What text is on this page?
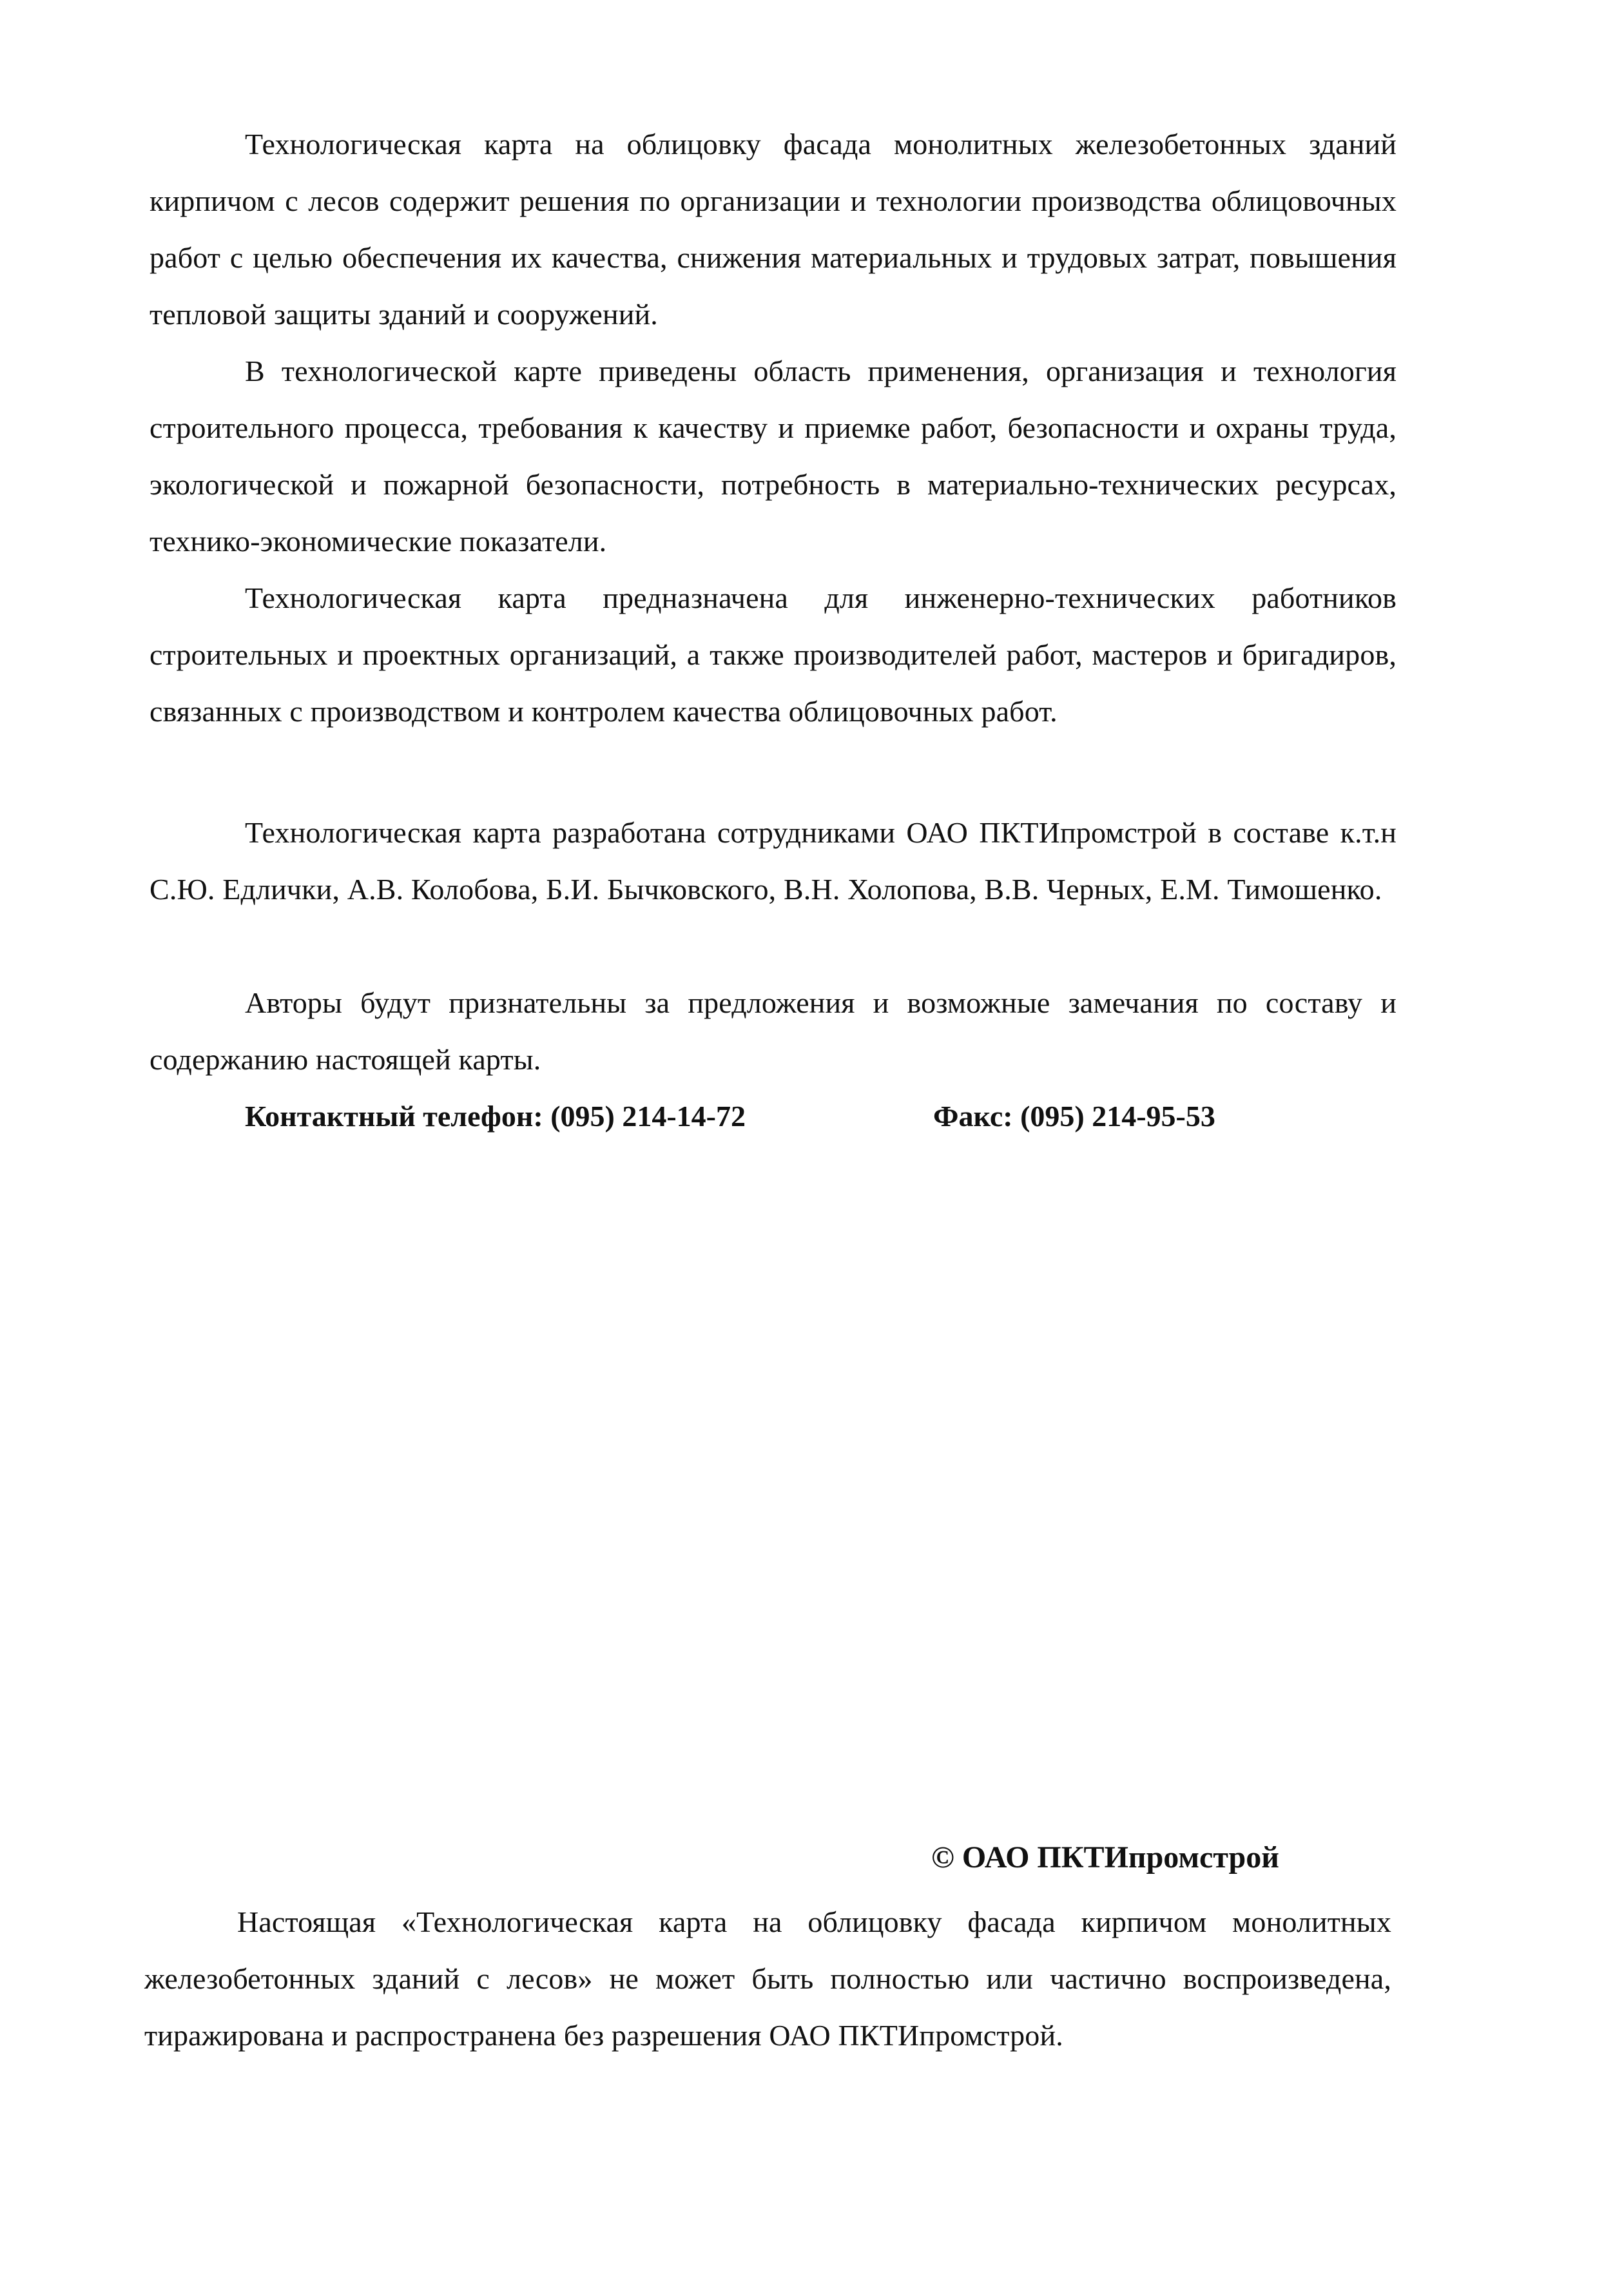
Технологическая карта на облицовку фасада монолитных железобетонных зданий кирпичом с лесов содержит решения по организации и технологии производства облицовочных работ с целью обеспечения их качества, снижения материальных и трудовых затрат, повышения тепловой защиты зданий и сооружений.

В технологической карте приведены область применения, организация и технология строительного процесса, требования к качеству и приемке работ, безопасности и охраны труда, экологической и пожарной безопасности, потребность в материально-технических ресурсах, технико-экономические показатели.

Технологическая карта предназначена для инженерно-технических работников строительных и проектных организаций, а также производителей работ, мастеров и бригадиров, связанных с производством и контролем качества облицовочных работ.

Технологическая карта разработана сотрудниками ОАО ПКТИпромстрой в составе к.т.н С.Ю. Едлички, А.В. Колобова, Б.И. Бычковского, В.Н. Холопова, В.В. Черных, Е.М. Тимошенко.

Авторы будут признательны за предложения и возможные замечания по составу и содержанию настоящей карты.

Контактный телефон: (095) 214-14-72	Факс: (095) 214-95-53

© ОАО ПКТИпромстрой

Настоящая «Технологическая карта на облицовку фасада кирпичом монолитных железобетонных зданий с лесов» не может быть полностью или частично воспроизведена, тиражирована и распространена без разрешения ОАО ПКТИпромстрой.
